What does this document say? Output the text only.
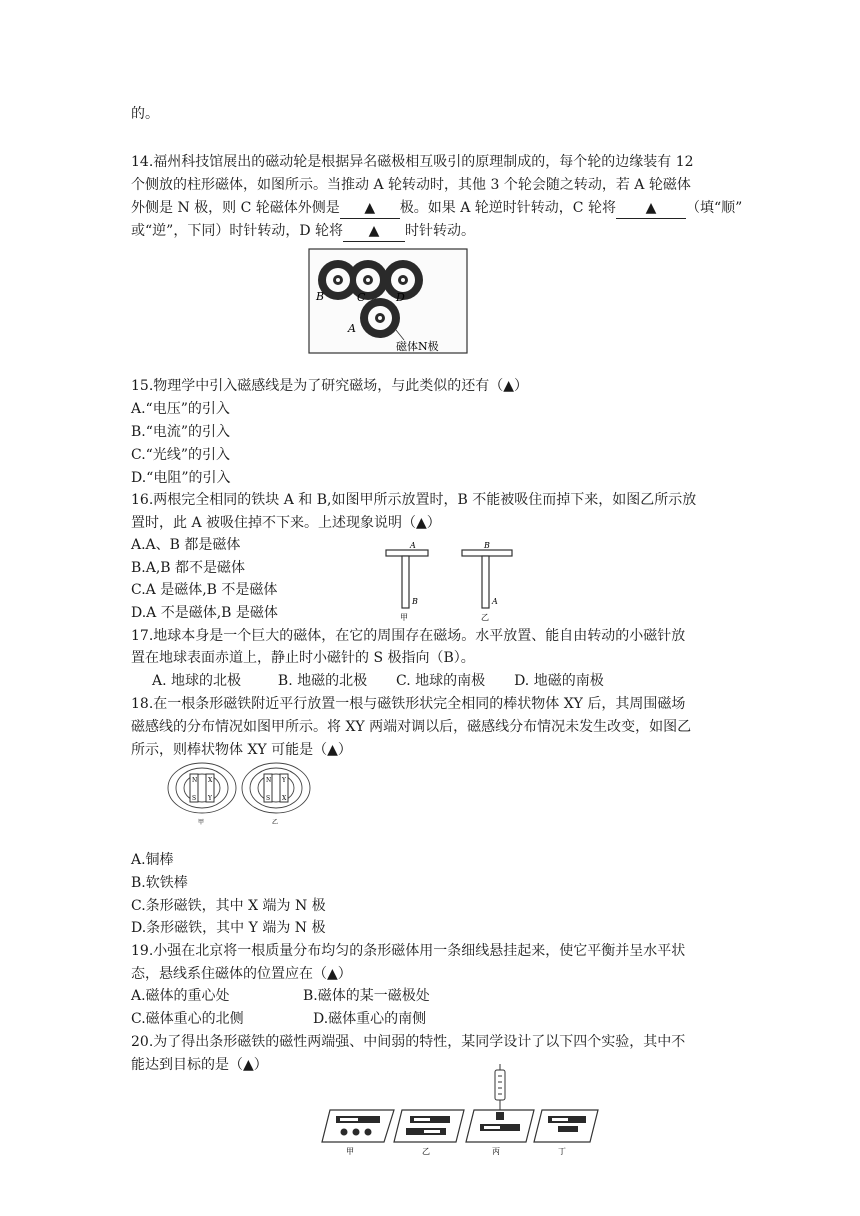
的。
14.福州科技馆展出的磁动轮是根据异名磁极相互吸引的原理制成的，每个轮的边缘装有 12
个侧放的柱形磁体，如图所示。当推动 A 轮转动时，其他 3 个轮会随之转动，若 A 轮磁体
外侧是 N 极，则 C 轮磁体外侧是 ▲ 极。如果 A 轮逆时针转动，C 轮将 ▲ （填“顺”
或“逆”，下同）时针转动，D 轮将 ▲ 时针转动。
B	C	D
A
磁体N极
15.物理学中引入磁感线是为了研究磁场，与此类似的还有（▲）
A.“电压”的引入
B.“电流”的引入
C.“光线”的引入
D.“电阻”的引入
16.两根完全相同的铁块 A 和 B,如图甲所示放置时，B 不能被吸住而掉下来，如图乙所示放
置时，此 A 被吸住掉不下来。上述现象说明（▲）
A.A、B 都是磁体
B.A,B 都不是磁体
C.A 是磁体,B 不是磁体
D.A 不是磁体,B 是磁体
A
B
B
A
甲	乙
17.地球本身是一个巨大的磁体，在它的周围存在磁场。水平放置、能自由转动的小磁针放
置在地球表面赤道上，静止时小磁针的 S 极指向（B）。
A. 地球的北极	B. 地磁的北极 C. 地球的南极 D. 地磁的南极
18.在一根条形磁铁附近平行放置一根与磁铁形状完全相同的棒状物体 XY 后，其周围磁场
磁感线的分布情况如图甲所示。将 XY 两端对调以后，磁感线分布情况未发生改变，如图乙
所示，则棒状物体 XY 可能是（▲）
N
S
X
Y
N
S
Y
X
甲	乙
A.铜棒
B.软铁棒
C.条形磁铁，其中 X 端为 N 极
D.条形磁铁，其中 Y 端为 N 极
19.小强在北京将一根质量分布均匀的条形磁体用一条细线悬挂起来，使它平衡并呈水平状
态，悬线系住磁体的位置应在（▲）
A.磁体的重心处	B.磁体的某一磁极处
C.磁体重心的北侧	D.磁体重心的南侧
20.为了得出条形磁铁的磁性两端强、中间弱的特性，某同学设计了以下四个实验，其中不
能达到目标的是（▲）
甲	乙	丙	丁
